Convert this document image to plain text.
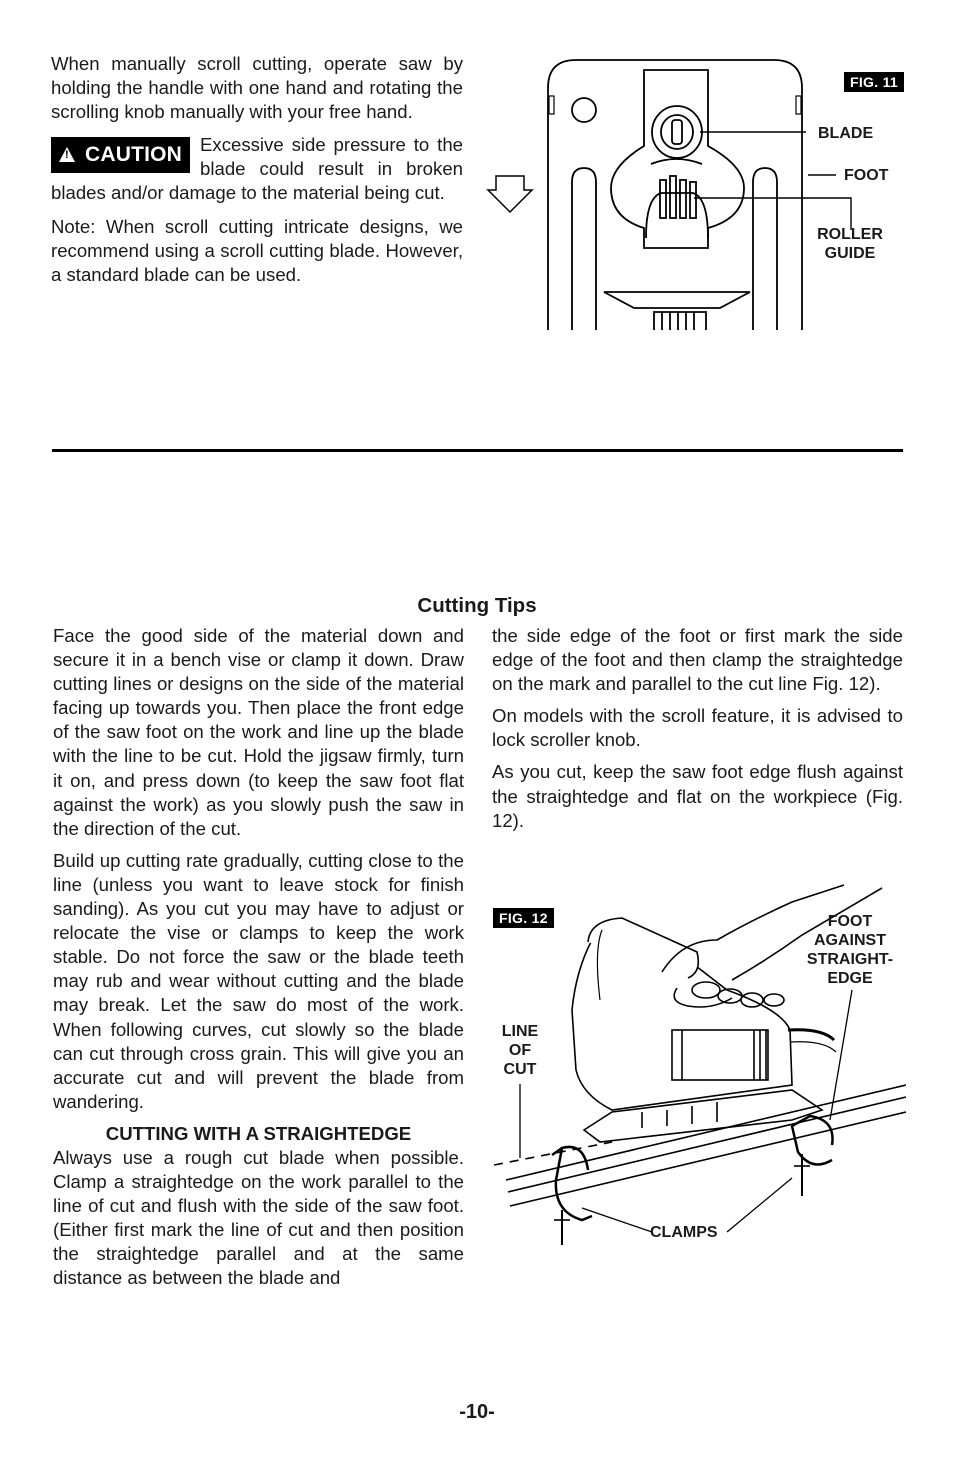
When manually scroll cutting, operate saw by holding the handle with one hand and rotating the scrolling knob manually with your free hand.

!CAUTION Excessive side pressure to the blade could result in broken blades and/or damage to the material being cut.

Note: When scroll cutting intricate designs, we recommend using a scroll cutting blade. However, a standard blade can be used.

FIG. 11
BLADE
FOOT
ROLLER GUIDE
Cutting Tips

Face the good side of the material down and secure it in a bench vise or clamp it down. Draw cutting lines or designs on the side of the material facing up towards you. Then place the front edge of the saw foot on the work and line up the blade with the line to be cut. Hold the jigsaw firmly, turn it on, and press down (to keep the saw foot flat against the work) as you slowly push the saw in the direction of the cut.

Build up cutting rate gradually, cutting close to the line (unless you want to leave stock for finish sanding). As you cut you may have to adjust or relocate the vise or clamps to keep the work stable. Do not force the saw or the blade teeth may rub and wear without cutting and the blade may break. Let the saw do most of the work. When following curves, cut slowly so the blade can cut through cross grain. This will give you an accurate cut and will prevent the blade from wandering.

CUTTING WITH A STRAIGHTEDGE

Always use a rough cut blade when possible. Clamp a straightedge on the work parallel to the line of cut and flush with the side of the saw foot. (Either first mark the line of cut and then position the straightedge parallel and at the same distance as between the blade and

the side edge of the foot or first mark the side edge of the foot and then clamp the straightedge on the mark and parallel to the cut line Fig. 12).

On models with the scroll feature, it is advised to lock scroller knob.

As you cut, keep the saw foot edge flush against the straightedge and flat on the workpiece (Fig. 12).

FIG. 12	FOOT AGAINST STRAIGHT- EDGE
LINE OF CUT
CLAMPS
-10-
